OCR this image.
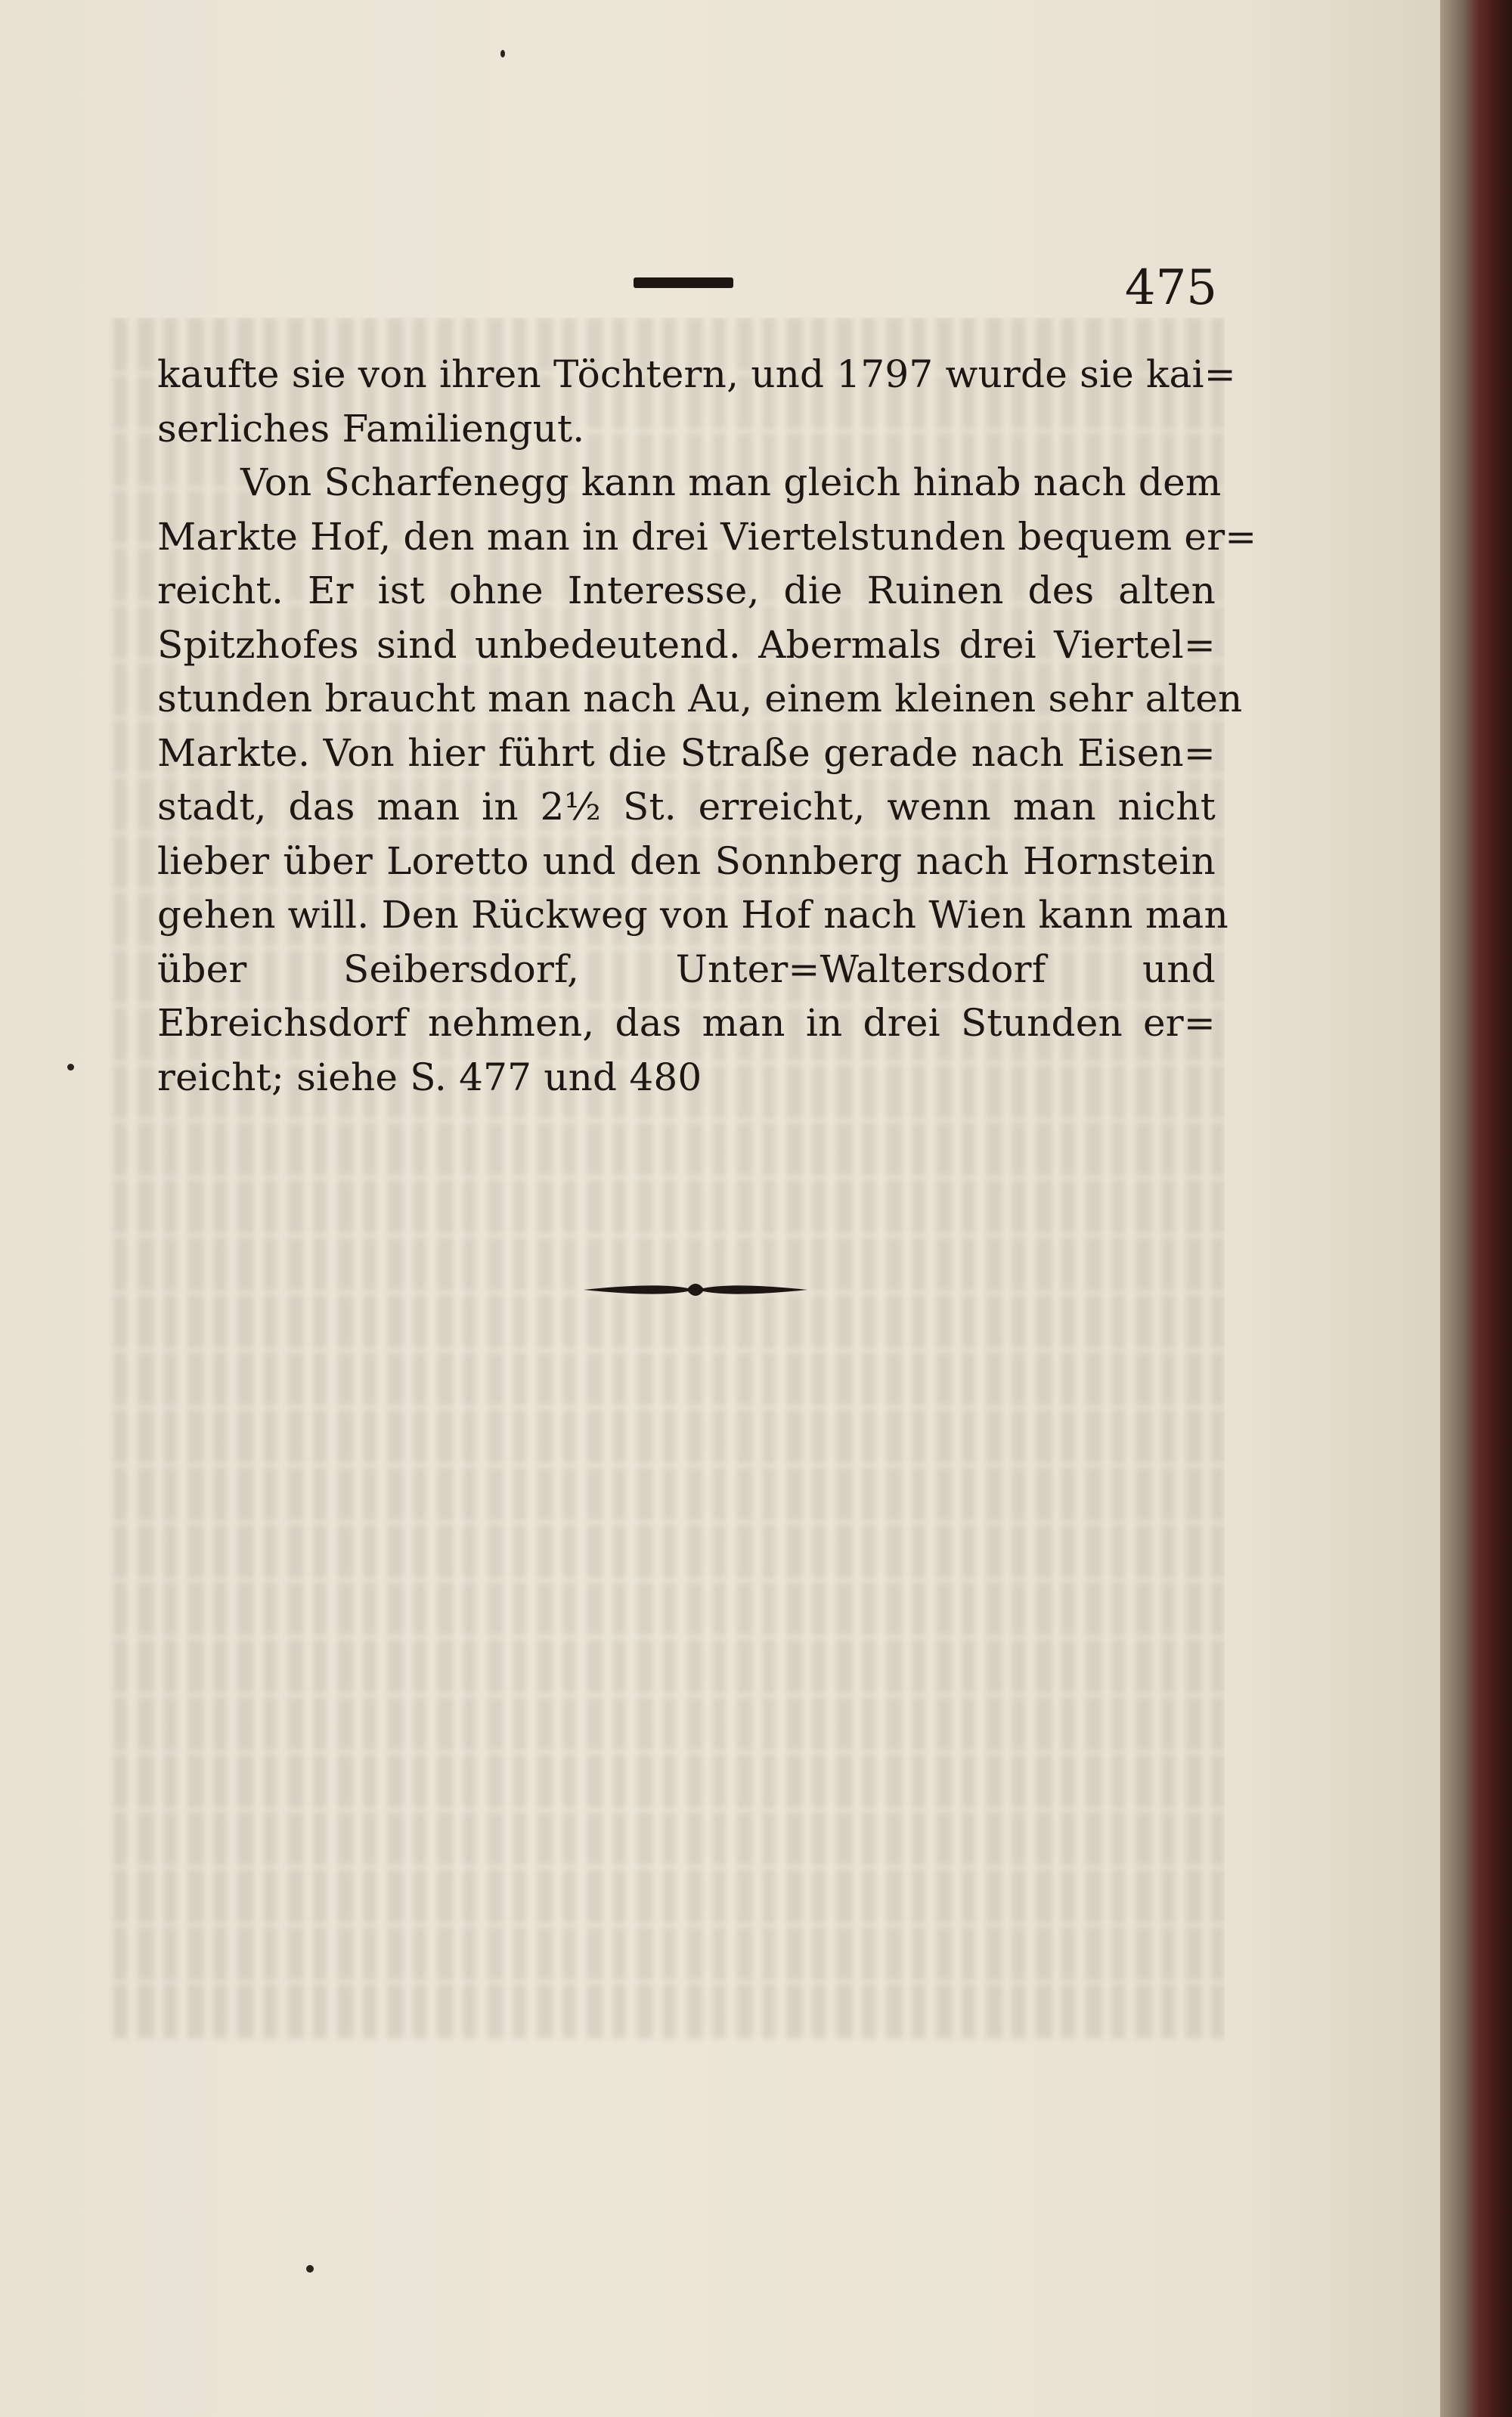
475
kaufte sie von ihren Töchtern, und 1797 wurde sie kai=
serliches Familiengut.
Von Scharfenegg kann man gleich hinab nach dem
Markte Hof, den man in drei Viertelstunden bequem er=
reicht. Er ist ohne Interesse, die Ruinen des alten
Spitzhofes sind unbedeutend. Abermals drei Viertel=
stunden braucht man nach Au, einem kleinen sehr alten
Markte. Von hier führt die Straße gerade nach Eisen=
stadt, das man in 2½ St. erreicht, wenn man nicht
lieber über Loretto und den Sonnberg nach Hornstein
gehen will. Den Rückweg von Hof nach Wien kann man
über Seibersdorf, Unter=Waltersdorf und
Ebreichsdorf nehmen, das man in drei Stunden er=
reicht; siehe S. 477 und 480
